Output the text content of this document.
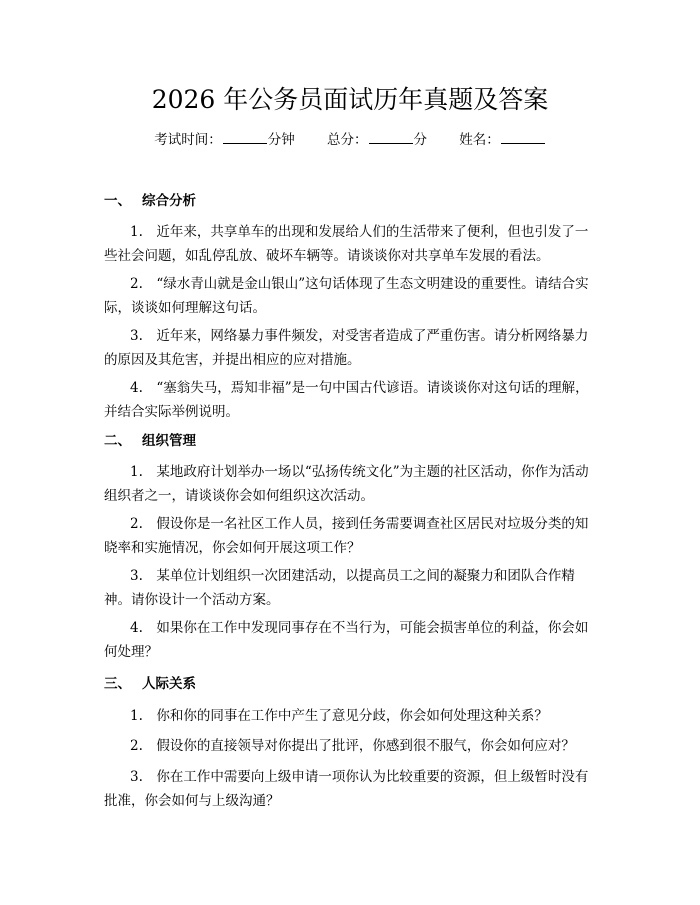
2026 年公务员面试历年真题及答案
考试时间：	分钟 总分：	分 姓名：
一、 综合分析
1.　近年来，共享单车的出现和发展给人们的生活带来了便利，但也引发了一些社会问题，如乱停乱放、破坏车辆等。请谈谈你对共享单车发展的看法。
2.　“绿水青山就是金山银山”这句话体现了生态文明建设的重要性。请结合实际，谈谈如何理解这句话。
3.　近年来，网络暴力事件频发，对受害者造成了严重伤害。请分析网络暴力的原因及其危害，并提出相应的应对措施。
4.　“塞翁失马，焉知非福”是一句中国古代谚语。请谈谈你对这句话的理解，并结合实际举例说明。
二、 组织管理
1.　某地政府计划举办一场以“弘扬传统文化”为主题的社区活动，你作为活动组织者之一，请谈谈你会如何组织这次活动。
2.　假设你是一名社区工作人员，接到任务需要调查社区居民对垃圾分类的知晓率和实施情况，你会如何开展这项工作？
3.　某单位计划组织一次团建活动，以提高员工之间的凝聚力和团队合作精神。请你设计一个活动方案。
4.　如果你在工作中发现同事存在不当行为，可能会损害单位的利益，你会如何处理？
三、 人际关系
1.　你和你的同事在工作中产生了意见分歧，你会如何处理这种关系？
2.　假设你的直接领导对你提出了批评，你感到很不服气，你会如何应对？
3.　你在工作中需要向上级申请一项你认为比较重要的资源，但上级暂时没有批准，你会如何与上级沟通？
